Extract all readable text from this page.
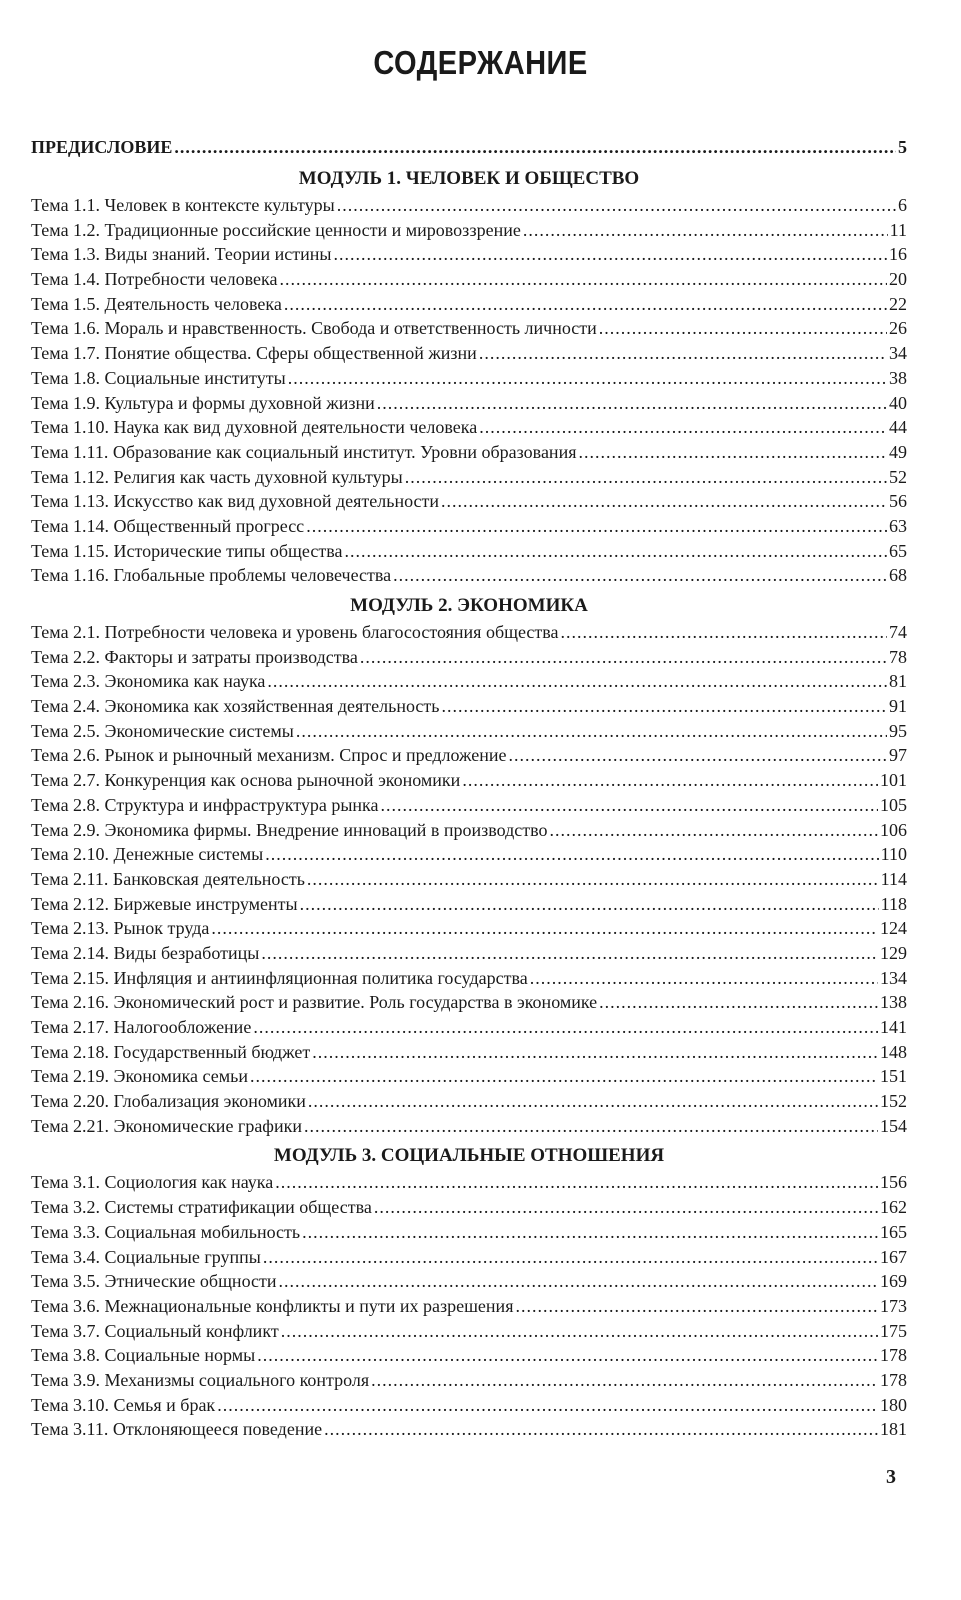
СОДЕРЖАНИЕ
ПРЕДИСЛОВИЕ .....	5
МОДУЛЬ 1. ЧЕЛОВЕК И ОБЩЕСТВО
Тема 1.1. Человек в контексте культуры .....	6
Тема 1.2. Традиционные российские ценности и мировоззрение .....	11
Тема 1.3. Виды знаний. Теории истины .....	16
Тема 1.4. Потребности человека .....	20
Тема 1.5. Деятельность человека .....	22
Тема 1.6. Мораль и нравственность. Свобода и ответственность личности .....	26
Тема 1.7. Понятие общества. Сферы общественной жизни .....	34
Тема 1.8. Социальные институты .....	38
Тема 1.9. Культура и формы духовной жизни .....	40
Тема 1.10. Наука как вид духовной деятельности человека .....	44
Тема 1.11. Образование как социальный институт. Уровни образования .....	49
Тема 1.12. Религия как часть духовной культуры .....	52
Тема 1.13. Искусство как вид духовной деятельности .....	56
Тема 1.14. Общественный прогресс .....	63
Тема 1.15. Исторические типы общества .....	65
Тема 1.16. Глобальные проблемы человечества .....	68
МОДУЛЬ 2. ЭКОНОМИКА
Тема 2.1. Потребности человека и уровень благосостояния общества .....	74
Тема 2.2. Факторы и затраты производства .....	78
Тема 2.3. Экономика как наука .....	81
Тема 2.4. Экономика как хозяйственная деятельность .....	91
Тема 2.5. Экономические системы .....	95
Тема 2.6. Рынок и рыночный механизм. Спрос и предложение .....	97
Тема 2.7. Конкуренция как основа рыночной экономики .....	101
Тема 2.8. Структура и инфраструктура рынка .....	105
Тема 2.9. Экономика фирмы. Внедрение инноваций в производство .....	106
Тема 2.10. Денежные системы .....	110
Тема 2.11. Банковская деятельность .....	114
Тема 2.12. Биржевые инструменты .....	118
Тема 2.13. Рынок труда .....	124
Тема 2.14. Виды безработицы .....	129
Тема 2.15. Инфляция и антиинфляционная политика государства .....	134
Тема 2.16. Экономический рост и развитие. Роль государства в экономике .....	138
Тема 2.17. Налогообложение .....	141
Тема 2.18. Государственный бюджет .....	148
Тема 2.19. Экономика семьи .....	151
Тема 2.20. Глобализация экономики .....	152
Тема 2.21. Экономические графики .....	154
МОДУЛЬ 3. СОЦИАЛЬНЫЕ ОТНОШЕНИЯ
Тема 3.1. Социология как наука .....	156
Тема 3.2. Системы стратификации общества .....	162
Тема 3.3. Социальная мобильность .....	165
Тема 3.4. Социальные группы .....	167
Тема 3.5. Этнические общности .....	169
Тема 3.6. Межнациональные конфликты и пути их разрешения .....	173
Тема 3.7. Социальный конфликт .....	175
Тема 3.8. Социальные нормы .....	178
Тема 3.9. Механизмы социального контроля .....	178
Тема 3.10. Семья и брак .....	180
Тема 3.11. Отклоняющееся поведение .....	181
3
